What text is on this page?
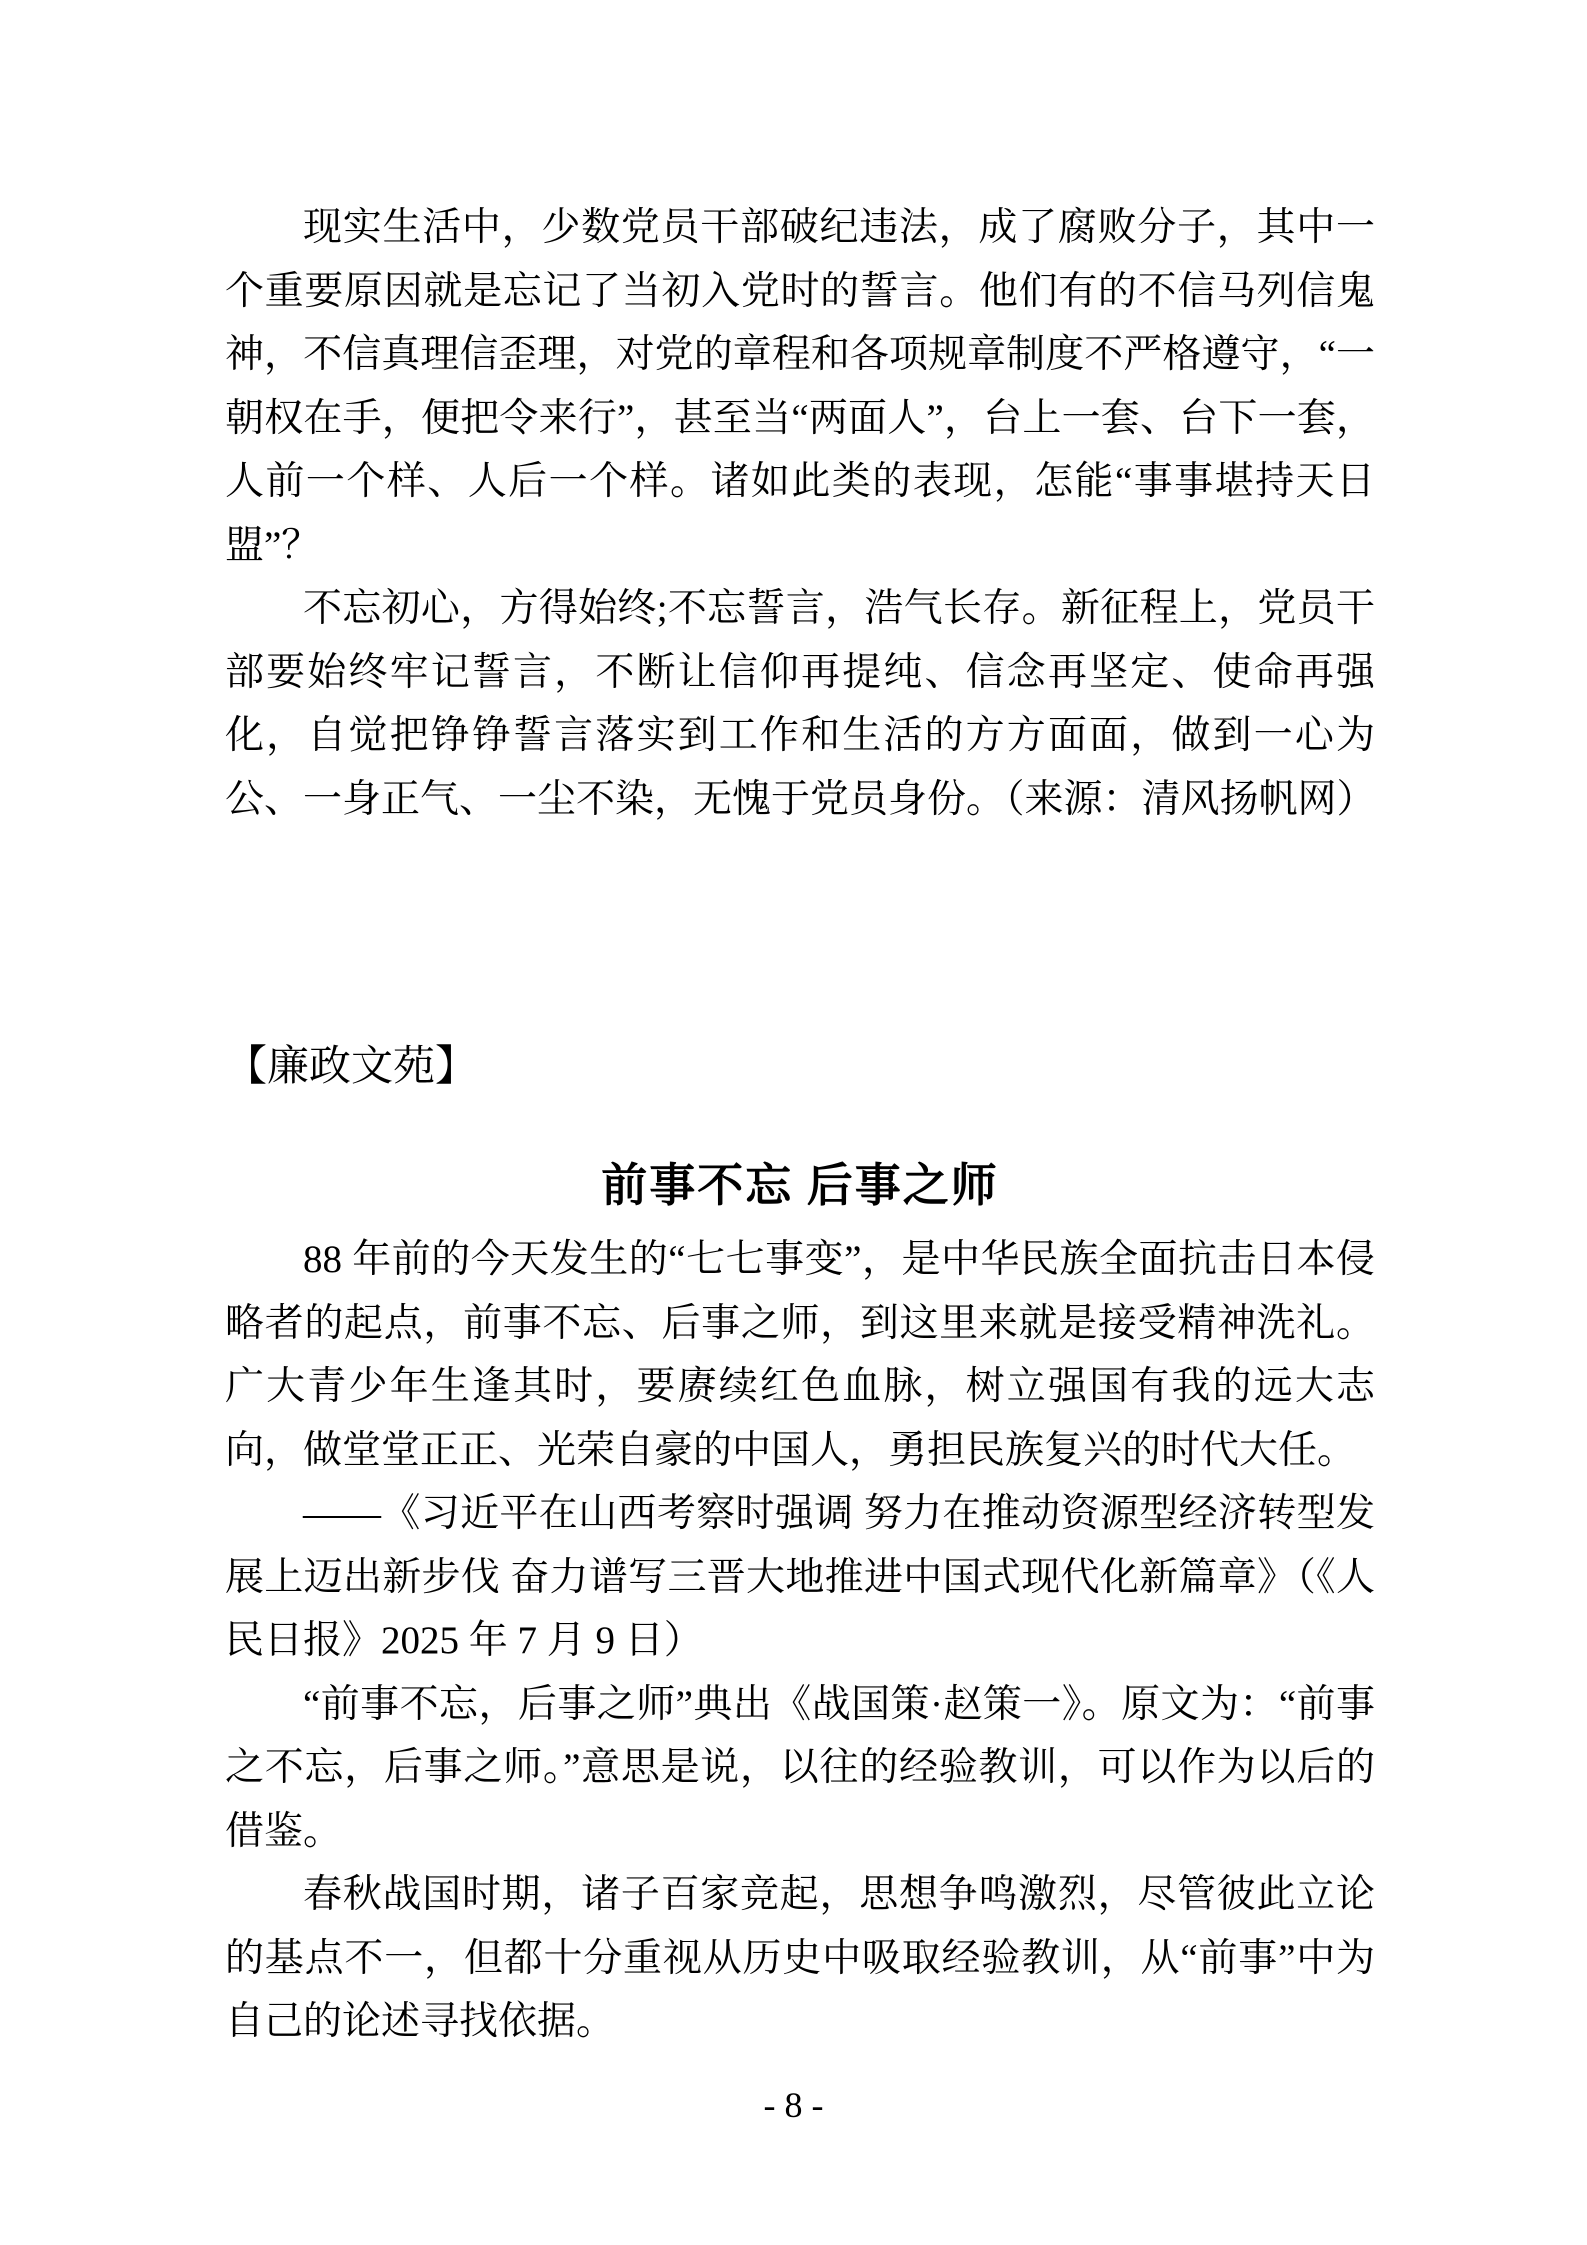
现实生活中，少数党员干部破纪违法，成了腐败分子，其中一个重要原因就是忘记了当初入党时的誓言。他们有的不信马列信鬼神，不信真理信歪理，对党的章程和各项规章制度不严格遵守，“一朝权在手，便把令来行”，甚至当“两面人”，台上一套、台下一套，人前一个样、人后一个样。诸如此类的表现，怎能“事事堪持天日盟”？

不忘初心，方得始终;不忘誓言，浩气长存。新征程上，党员干部要始终牢记誓言，不断让信仰再提纯、信念再坚定、使命再强化，自觉把铮铮誓言落实到工作和生活的方方面面，做到一心为公、一身正气、一尘不染，无愧于党员身份。（来源：清风扬帆网）

【廉政文苑】
前事不忘 后事之师

88 年前的今天发生的“七七事变”，是中华民族全面抗击日本侵略者的起点，前事不忘、后事之师，到这里来就是接受精神洗礼。广大青少年生逢其时，要赓续红色血脉，树立强国有我的远大志向，做堂堂正正、光荣自豪的中国人，勇担民族复兴的时代大任。

——《习近平在山西考察时强调 努力在推动资源型经济转型发展上迈出新步伐 奋力谱写三晋大地推进中国式现代化新篇章》（《人民日报》2025 年 7 月 9 日）

“前事不忘，后事之师”典出《战国策·赵策一》。原文为：“前事之不忘，后事之师。”意思是说，以往的经验教训，可以作为以后的借鉴。

春秋战国时期，诸子百家竞起，思想争鸣激烈，尽管彼此立论的基点不一，但都十分重视从历史中吸取经验教训，从“前事”中为自己的论述寻找依据。

- 8 -
